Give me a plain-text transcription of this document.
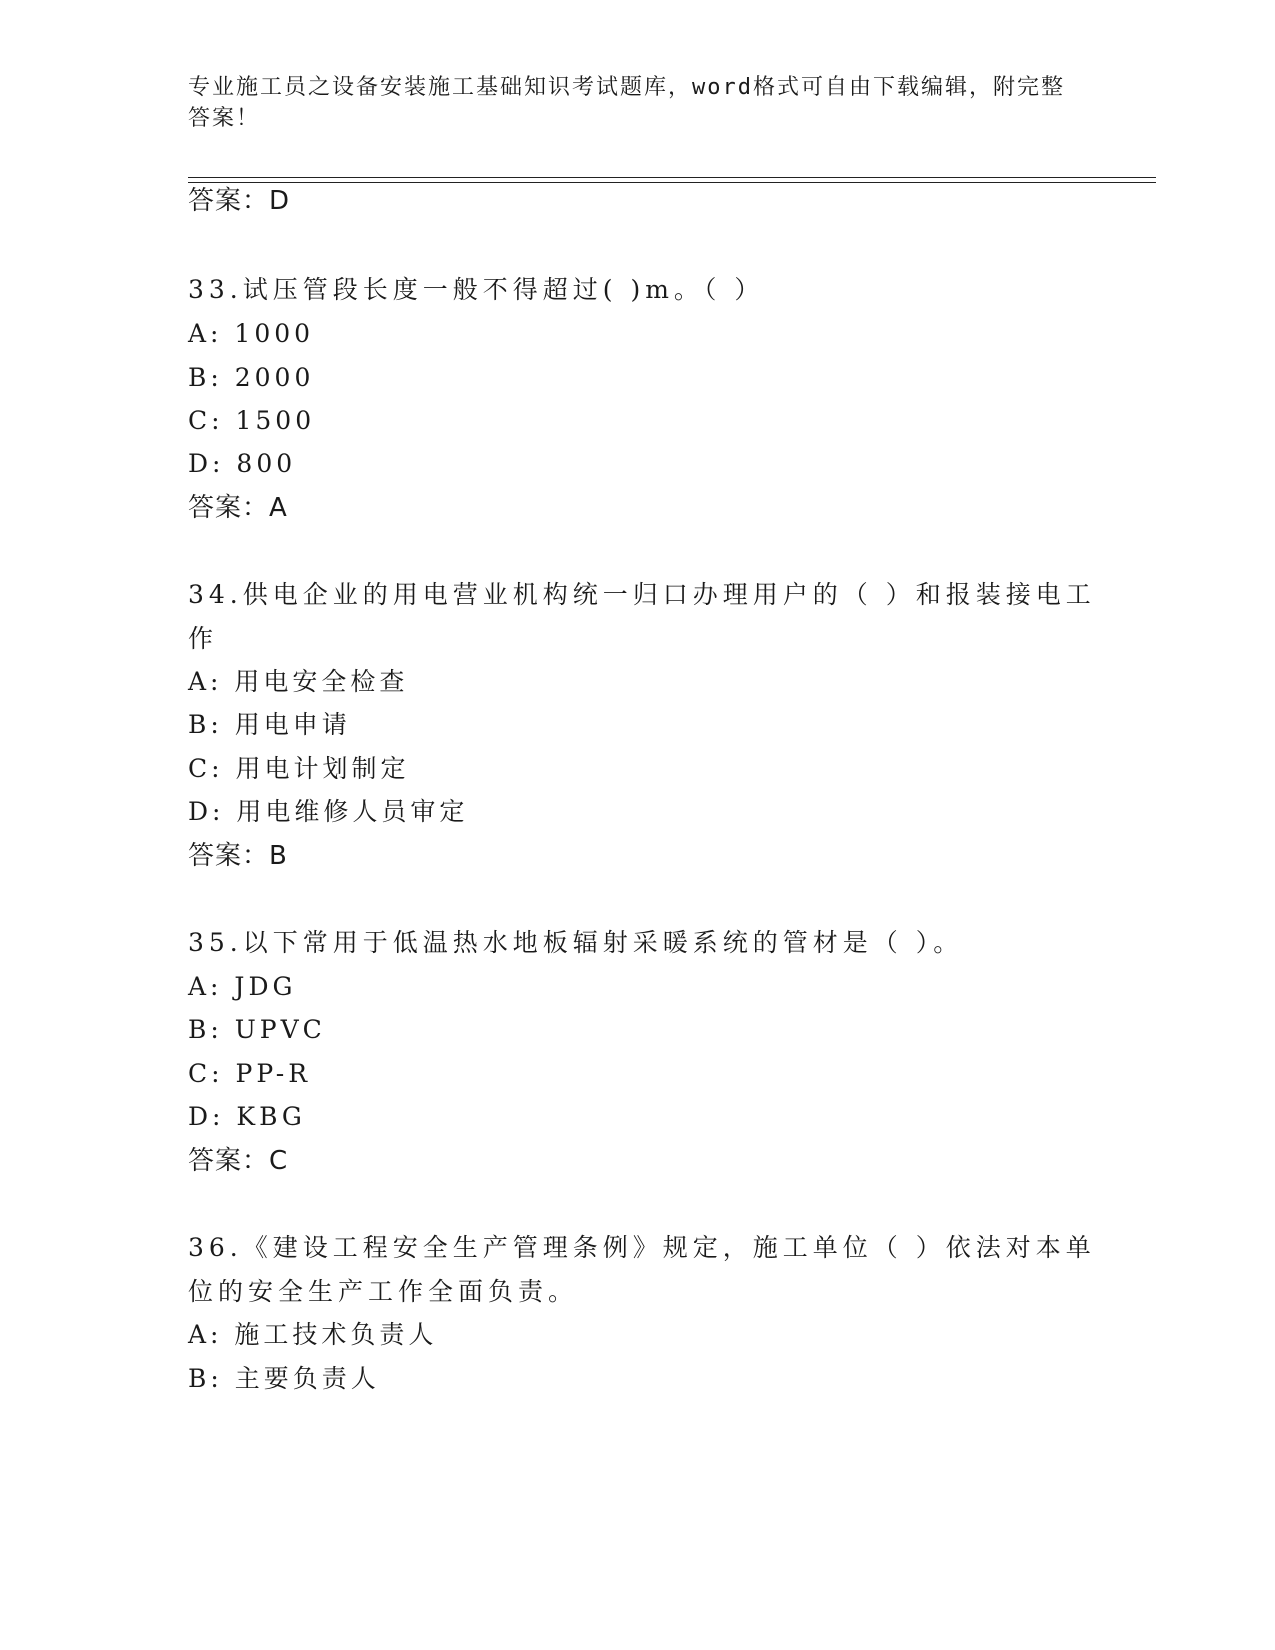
专业施工员之设备安装施工基础知识考试题库，word格式可自由下载编辑，附完整答案！
答案：D
33.试压管段长度一般不得超过( )m。（ ）
A: 1000
B: 2000
C: 1500
D: 800
答案：A
34.供电企业的用电营业机构统一归口办理用户的（ ）和报装接电工
作
A: 用电安全检查
B: 用电申请
C: 用电计划制定
D: 用电维修人员审定
答案：B
35.以下常用于低温热水地板辐射采暖系统的管材是（ ）。
A: JDG
B: UPVC
C: PP-R
D: KBG
答案：C
36.《建设工程安全生产管理条例》规定，施工单位（ ）依法对本单
位的安全生产工作全面负责。
A: 施工技术负责人
B: 主要负责人
